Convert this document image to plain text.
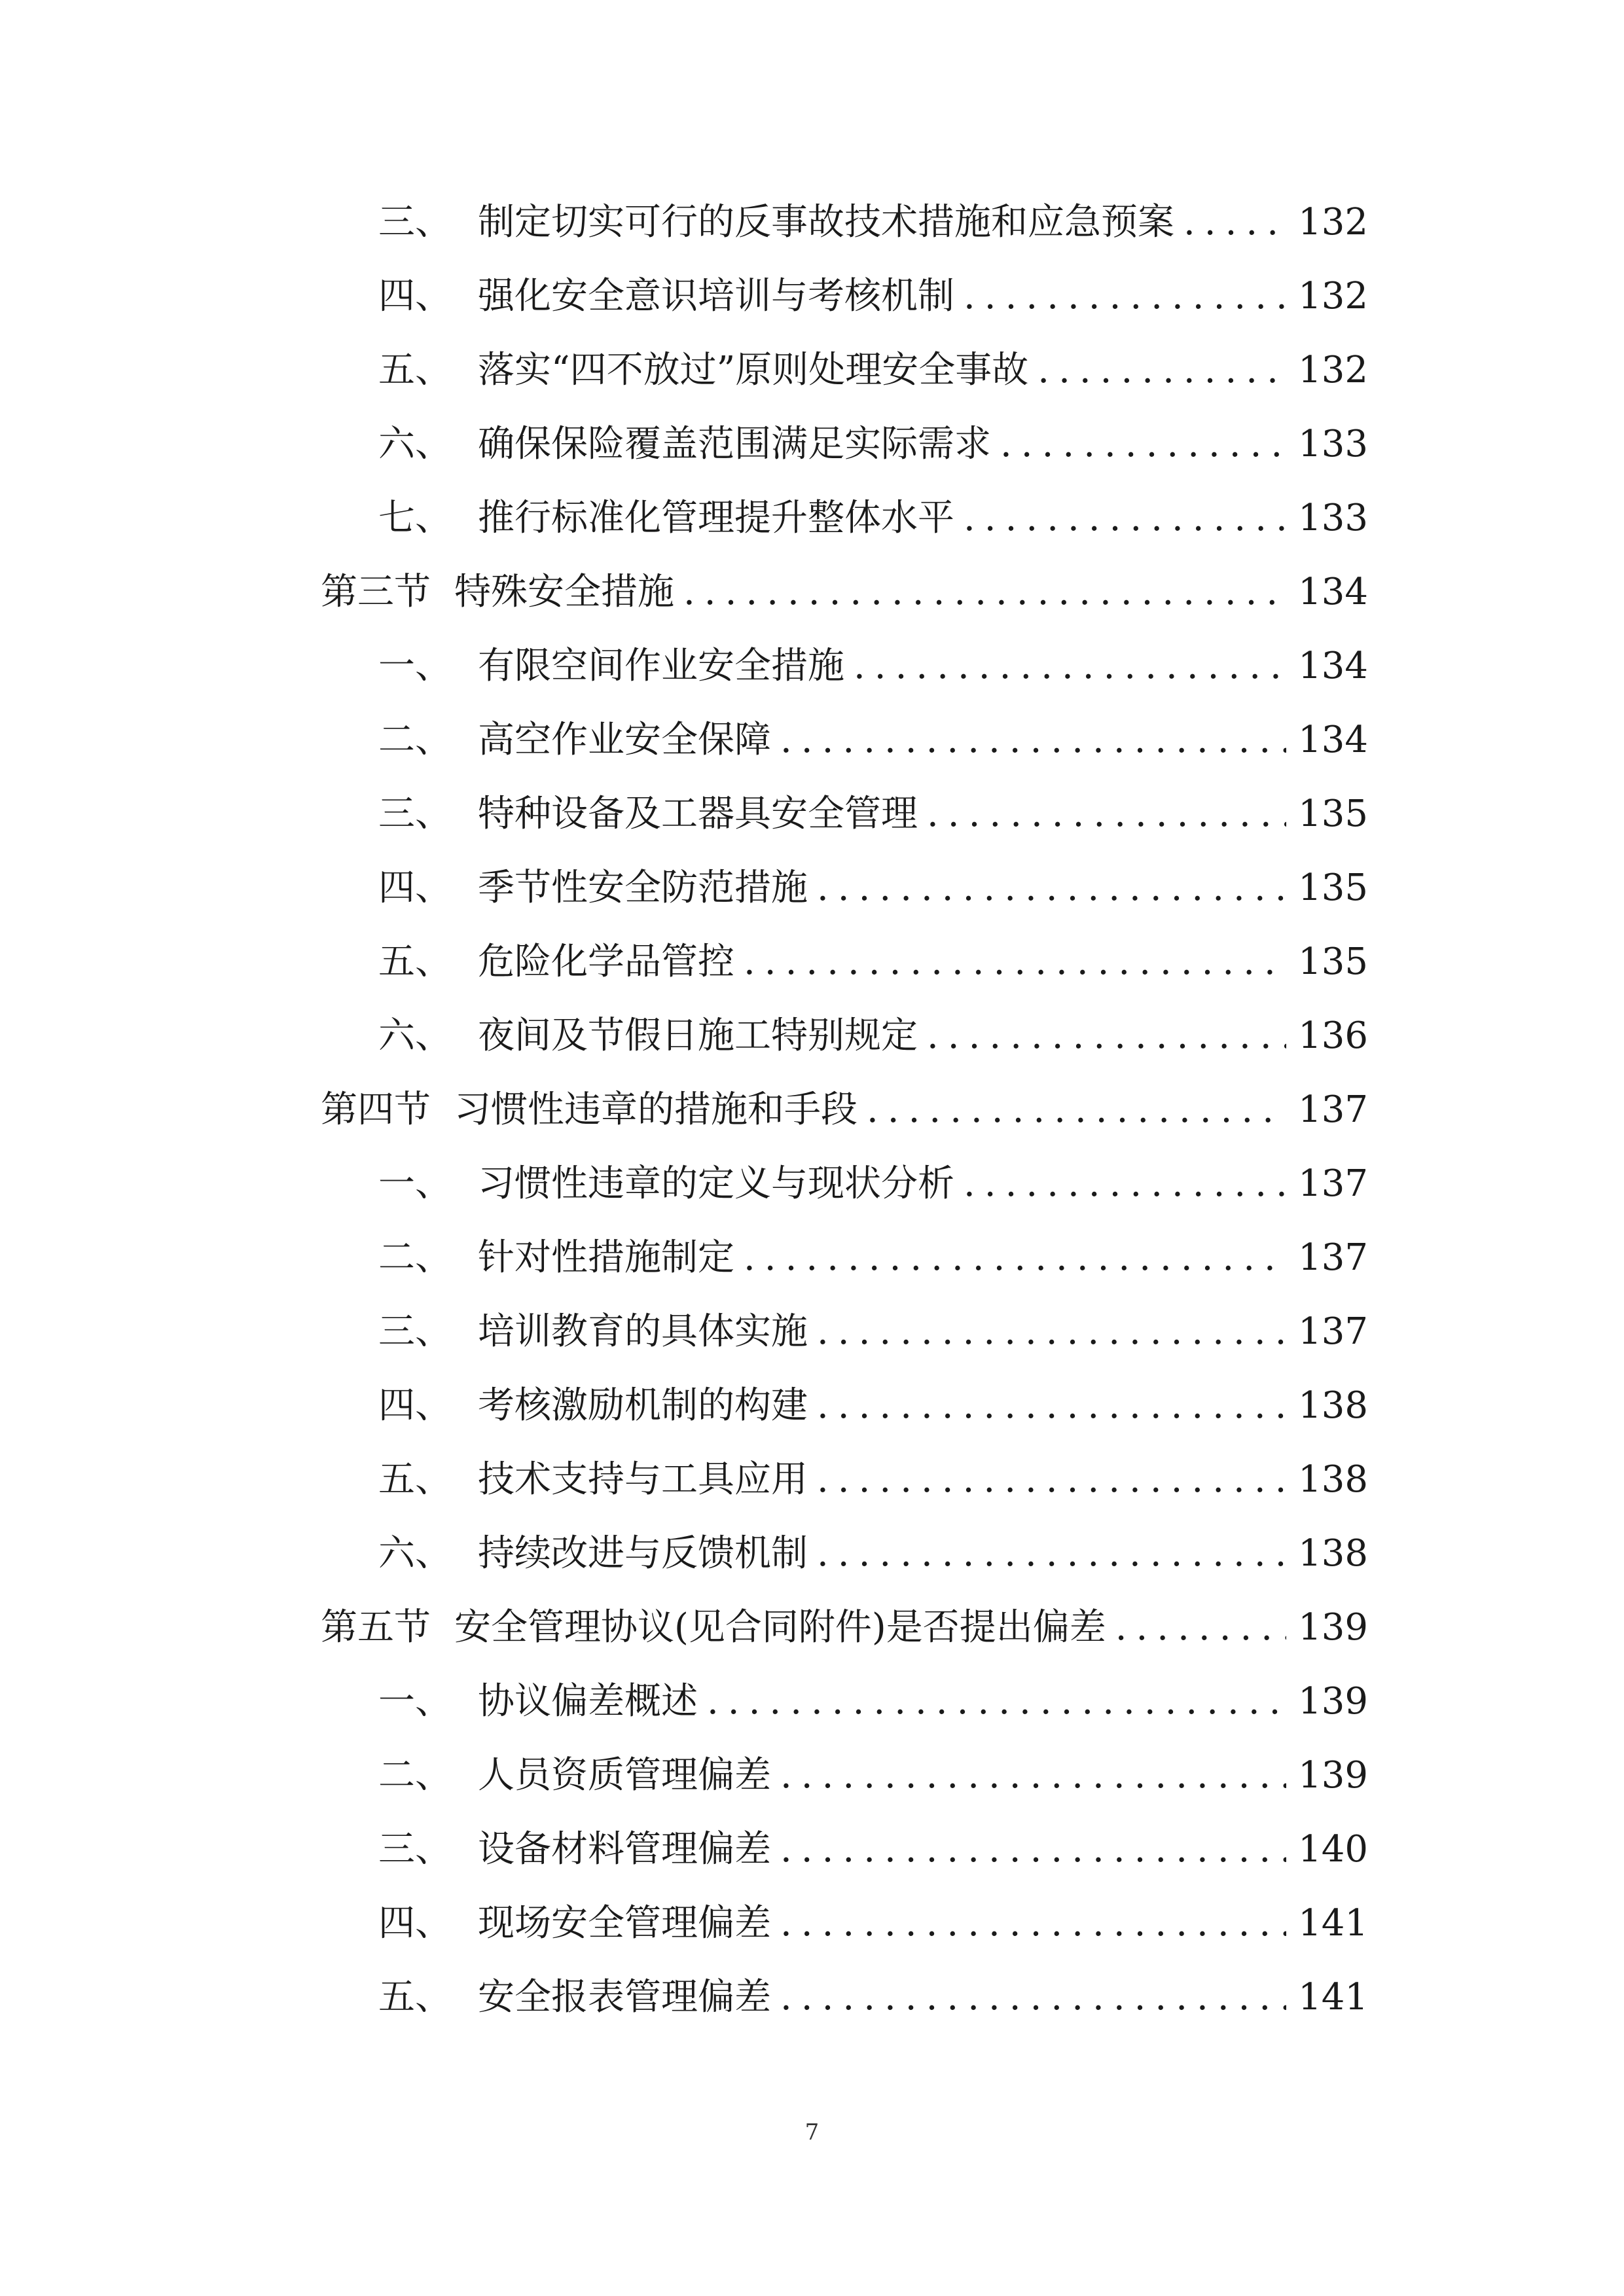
三、 制定切实可行的反事故技术措施和应急预案 .....	132
四、 强化安全意识培训与考核机制 .....	132
五、 落实“四不放过”原则处理安全事故 .....	132
六、 确保保险覆盖范围满足实际需求 .....	133
七、 推行标准化管理提升整体水平 .....	133
第三节 特殊安全措施 .....	134
一、 有限空间作业安全措施 .....	134
二、 高空作业安全保障 .....	134
三、 特种设备及工器具安全管理 .....	135
四、 季节性安全防范措施 .....	135
五、 危险化学品管控 .....	135
六、 夜间及节假日施工特别规定 .....	136
第四节 习惯性违章的措施和手段 .....	137
一、 习惯性违章的定义与现状分析 .....	137
二、 针对性措施制定 .....	137
三、 培训教育的具体实施 .....	137
四、 考核激励机制的构建 .....	138
五、 技术支持与工具应用 .....	138
六、 持续改进与反馈机制 .....	138
第五节 安全管理协议(见合同附件)是否提出偏差 .....	139
一、 协议偏差概述 .....	139
二、 人员资质管理偏差 .....	139
三、 设备材料管理偏差 .....	140
四、 现场安全管理偏差 .....	141
五、 安全报表管理偏差 .....	141
7
